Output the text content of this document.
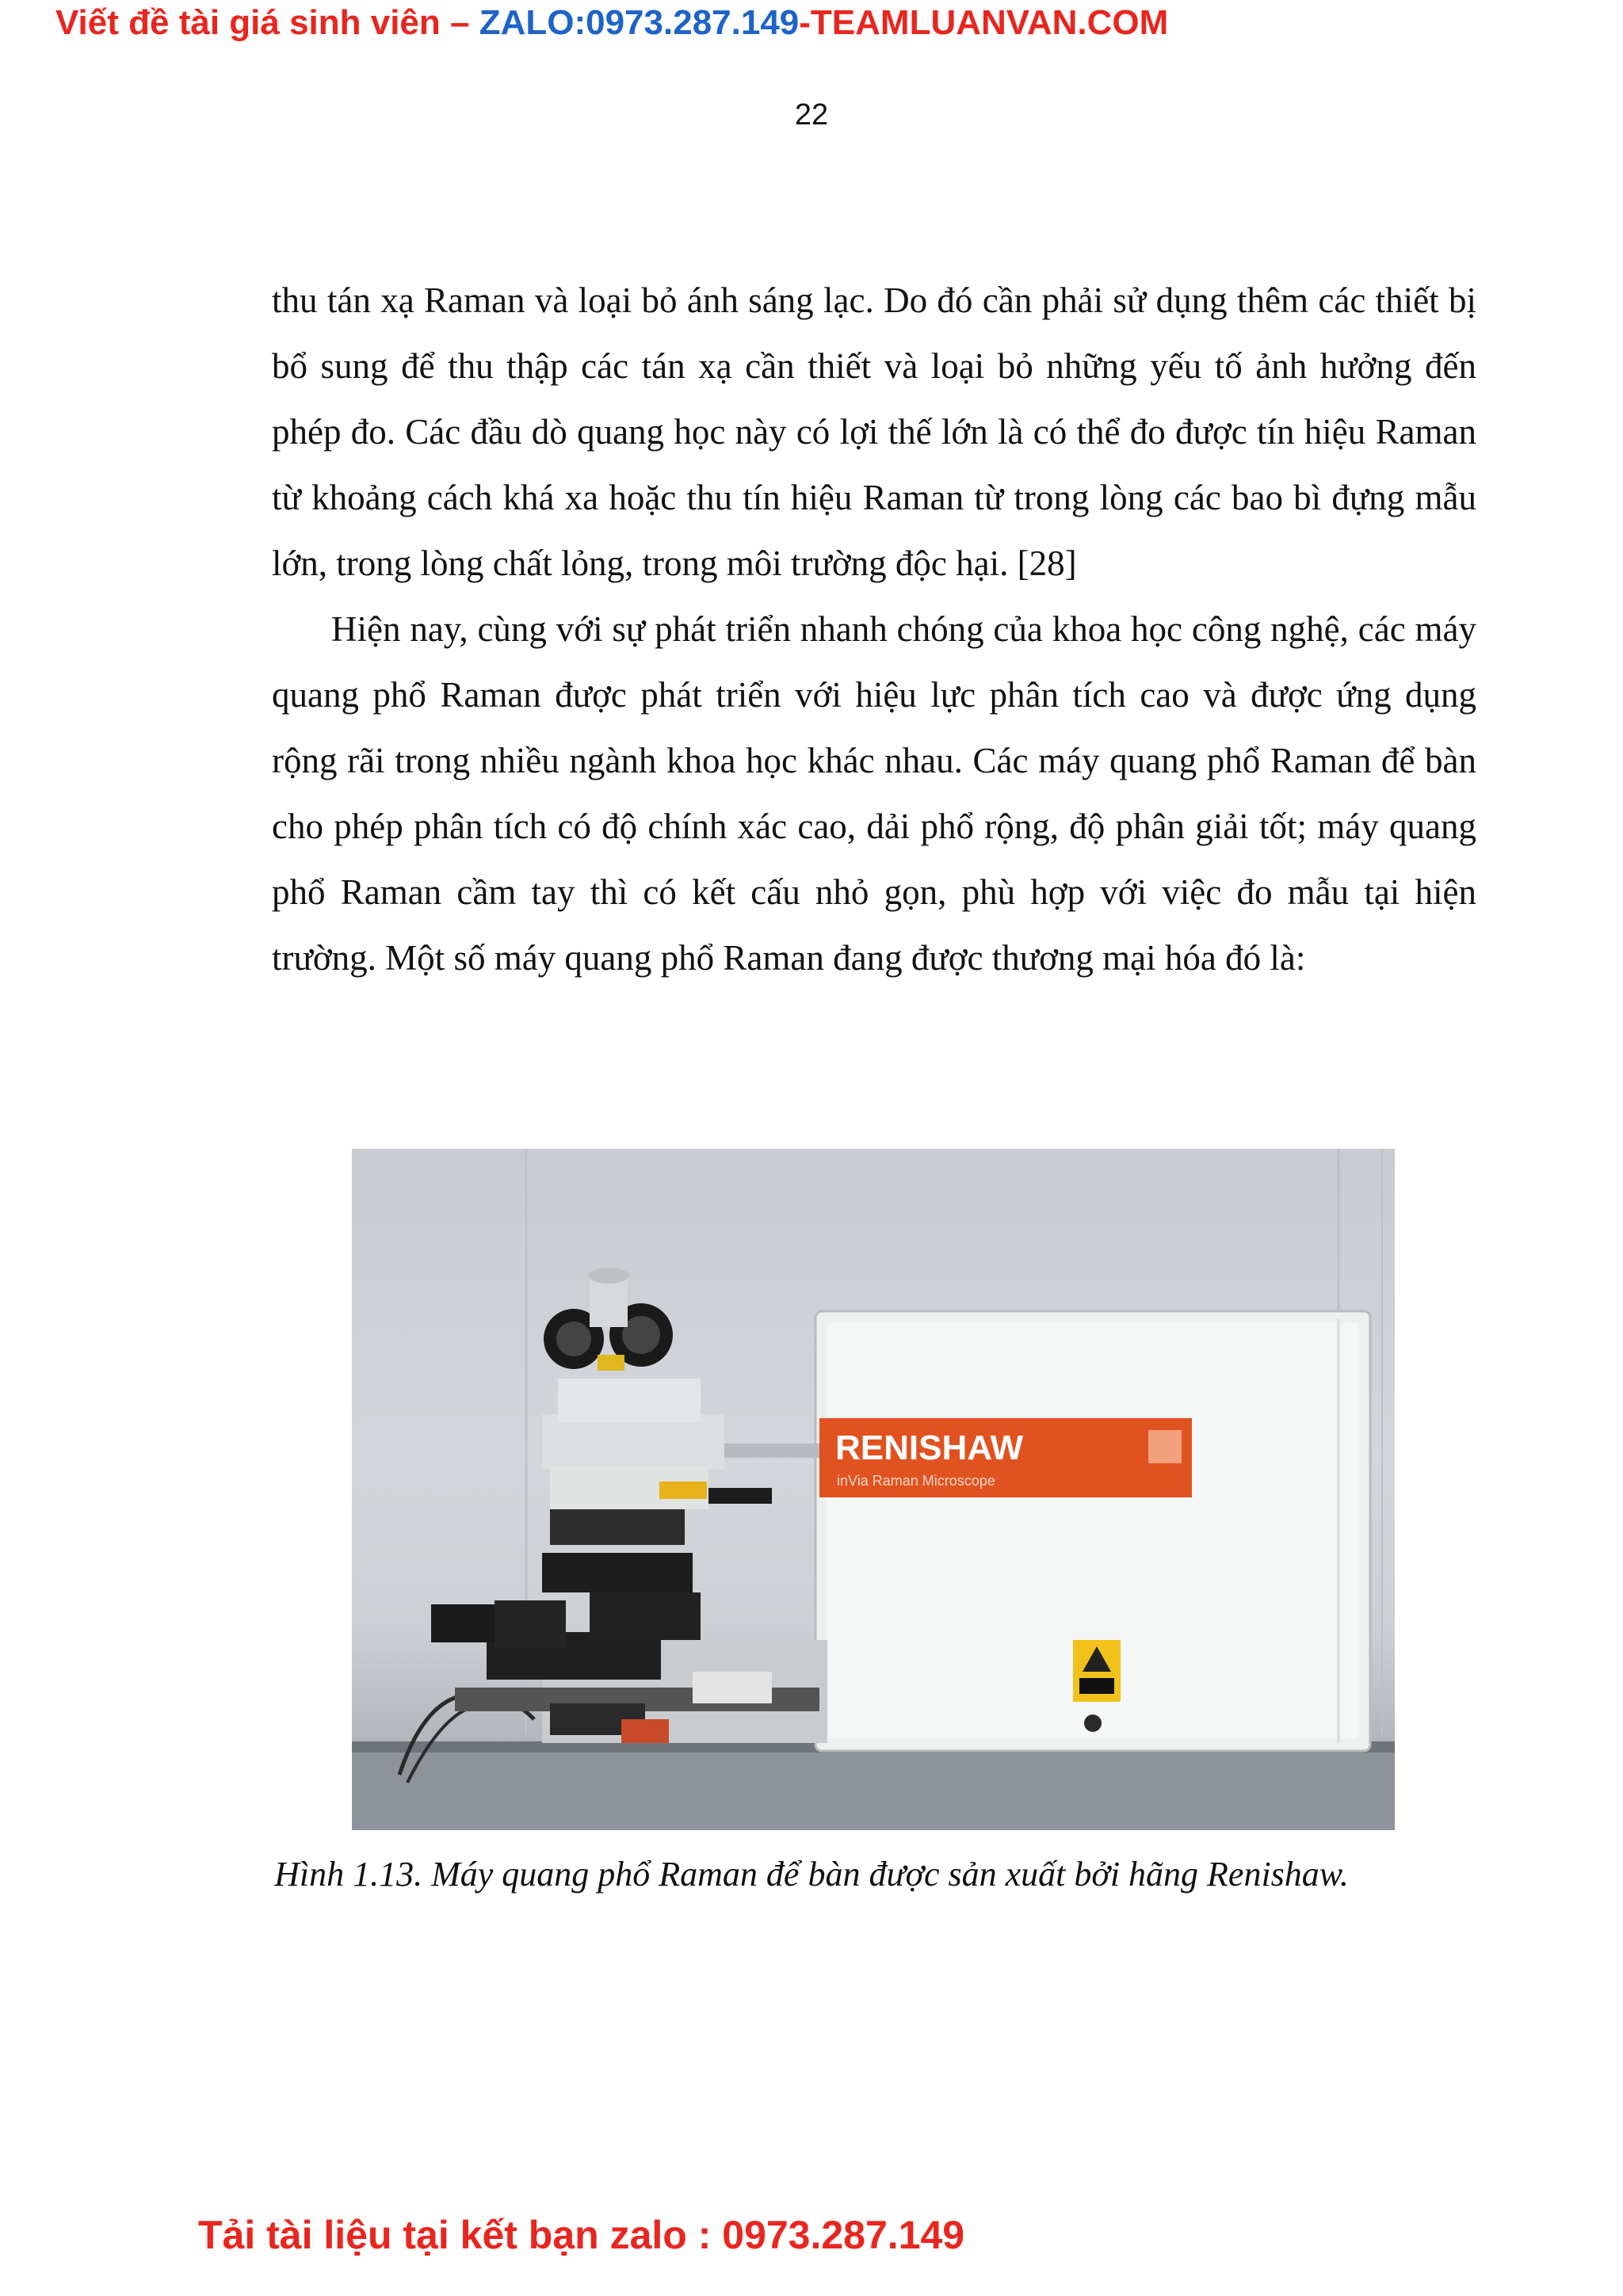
Viết đề tài giá sinh viên – ZALO:0973.287.149-TEAMLUANVAN.COM
22

thu tán xạ Raman và loại bỏ ánh sáng lạc. Do đó cần phải sử dụng thêm các thiết bị bổ sung để thu thập các tán xạ cần thiết và loại bỏ những yếu tố ảnh hưởng đến phép đo. Các đầu dò quang học này có lợi thế lớn là có thể đo được tín hiệu Raman từ khoảng cách khá xa hoặc thu tín hiệu Raman từ trong lòng các bao bì đựng mẫu lớn, trong lòng chất lỏng, trong môi trường độc hại. [28]

Hiện nay, cùng với sự phát triển nhanh chóng của khoa học công nghệ, các máy quang phổ Raman được phát triển với hiệu lực phân tích cao và được ứng dụng rộng rãi trong nhiều ngành khoa học khác nhau. Các máy quang phổ Raman để bàn cho phép phân tích có độ chính xác cao, dải phổ rộng, độ phân giải tốt; máy quang phổ Raman cầm tay thì có kết cấu nhỏ gọn, phù hợp với việc đo mẫu tại hiện trường. Một số máy quang phổ Raman đang được thương mại hóa đó là:

RENISHAW
inVia Raman Microscope
Hình 1.13. Máy quang phổ Raman để bàn được sản xuất bởi hãng Renishaw.
Tải tài liệu tại kết bạn zalo : 0973.287.149
